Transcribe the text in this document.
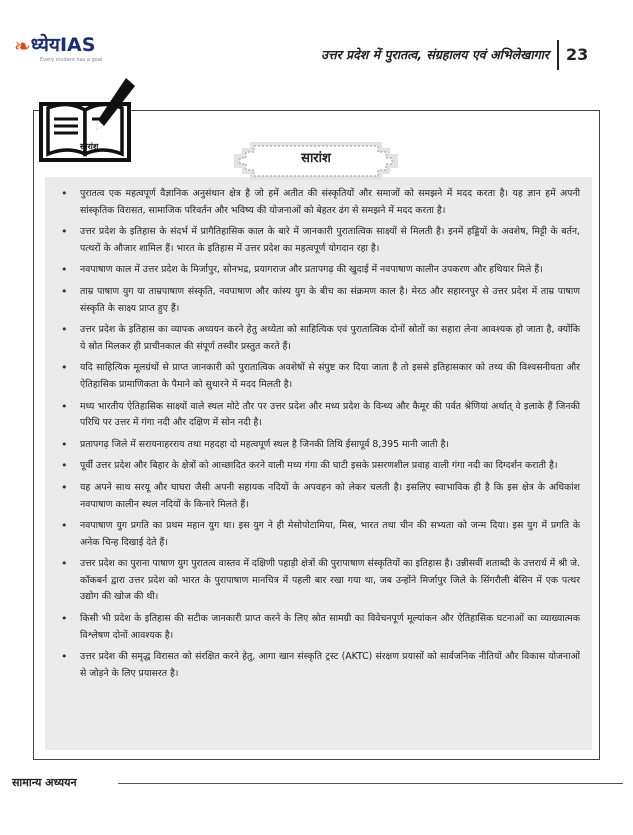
❧ ध्येयIAS
Every student has a goal	उत्तर प्रदेश में पुरातत्व, संग्रहालय एवं अभिलेखागार 23
सारांश
सारांश
• पुरातत्व एक महत्वपूर्ण वैज्ञानिक अनुसंधान क्षेत्र है जो हमें अतीत की संस्कृतियों और समाजों को समझने में मदद करता है। यह ज्ञान हमें अपनी सांस्कृतिक विरासत, सामाजिक परिवर्तन और भविष्य की योजनाओं को बेहतर ढंग से समझने में मदद करता है।
• उत्तर प्रदेश के इतिहास के संदर्भ में प्रागैतिहासिक काल के बारे में जानकारी पुरातात्विक साक्ष्यों से मिलती है। इनमें हड्डियों के अवशेष, मिट्टी के बर्तन, पत्थरों के औजार शामिल हैं। भारत के इतिहास में उत्तर प्रदेश का महत्वपूर्ण योगदान रहा है।
• नवपाषाण काल में उत्तर प्रदेश के मिर्जापुर, सोनभद्र, प्रयागराज और प्रतापगढ़ की खुदाई में नवपाषाण कालीन उपकरण और हथियार मिले हैं।
• ताम्र पाषाण युग या ताम्रपाषाण संस्कृति, नवपाषाण और कांस्य युग के बीच का संक्रमण काल है। मेरठ और सहारनपुर से उत्तर प्रदेश में ताम्र पाषाण संस्कृति के साक्ष्य प्राप्त हुए हैं।
• उत्तर प्रदेश के इतिहास का व्यापक अध्ययन करने हेतु अध्येता को साहित्यिक एवं पुरातात्विक दोनों स्रोतों का सहारा लेना आवश्यक हो जाता है, क्योंकि ये स्रोत मिलकर ही प्राचीनकाल की संपूर्ण तस्वीर प्रस्तुत करते हैं।
• यदि साहित्यिक मूलग्रंथों से प्राप्त जानकारी को पुरातात्विक अवशेषों से संपुष्ट कर दिया जाता है तो इससे इतिहासकार को तथ्य की विश्वसनीयता और ऐतिहासिक प्रामाणिकता के पैमाने को सुधारने में मदद मिलती है।
• मध्य भारतीय ऐतिहासिक साक्ष्यों वाले स्थल मोटे तौर पर उत्तर प्रदेश और मध्य प्रदेश के विन्ध्य और कैमूर की पर्वत श्रेणियां अर्थात् वे इलाके हैं जिनकी परिधि पर उत्तर में गंगा नदी और दक्षिण में सोन नदी है।
• प्रतापगढ़ जिले में सरायनाहरराय तथा महदहा दो महत्वपूर्ण स्थल है जिनकी तिथि ईसापूर्व 8,395 मानी जाती है।
• पूर्वी उत्तर प्रदेश और बिहार के क्षेत्रों को आच्छादित करने वाली मध्य गंगा की घाटी इसके प्रसरणशील प्रवाह वाली गंगा नदी का दिग्दर्शन कराती है।
• यह अपने साथ सरयू और घाघरा जैसी अपनी सहायक नदियों के अपवहन को लेकर चलती है। इसलिए स्वाभाविक ही है कि इस क्षेत्र के अधिकांश नवपाषाण कालीन स्थल नदियों के किनारे मिलते हैं।
• नवपाषाण युग प्रगति का प्रथम महान युग था। इस युग ने ही मेसोपोटामिया, मिस्र, भारत तथा चीन की सभ्यता को जन्म दिया। इस युग में प्रगति के अनेक चिन्ह दिखाई देते हैं।
• उत्तर प्रदेश का पुराना पाषाण युग पुरातत्व वास्तव में दक्षिणी पहाड़ी क्षेत्रों की पुरापाषाण संस्कृतियों का इतिहास है। उन्नीसवीं शताब्दी के उत्तरार्ध में श्री जे. कॉकबर्न द्वारा उत्तर प्रदेश को भारत के पुरापाषाण मानचित्र में पहली बार रखा गया था, जब उन्होंने मिर्जापुर जिले के सिंगरौली बेसिन में एक पत्थर उद्योग की खोज की थी।
• किसी भी प्रदेश के इतिहास की सटीक जानकारी प्राप्त करने के लिए स्रोत सामग्री का विवेचनपूर्ण मूल्यांकन और ऐतिहासिक घटनाओं का व्याख्यात्मक विश्लेषण दोनों आवश्यक है।
• उत्तर प्रदेश की समृद्ध विरासत को संरक्षित करने हेतु, आगा खान संस्कृति ट्रस्ट (AKTC) संरक्षण प्रयासों को सार्वजनिक नीतियों और विकास योजनाओं से जोड़ने के लिए प्रयासरत है।
सामान्य अध्ययन
